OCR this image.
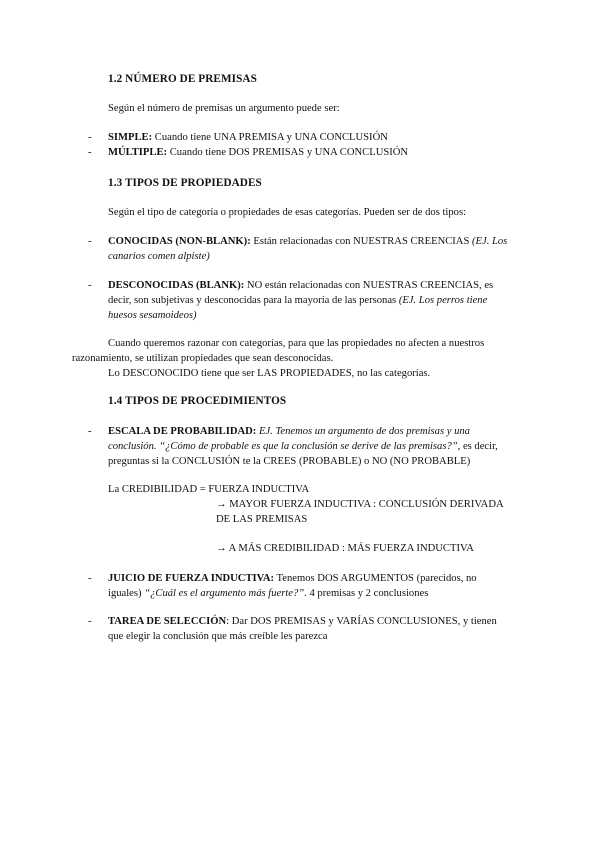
1.2 NÚMERO DE PREMISAS
Según el número de premisas un argumento puede ser:
-	SIMPLE: Cuando tiene UNA PREMISA y UNA CONCLUSIÓN
-	MÚLTIPLE: Cuando tiene DOS PREMISAS y UNA CONCLUSIÓN
1.3 TIPOS DE PROPIEDADES
Según el tipo de categoría o propiedades de esas categorías. Pueden ser de dos tipos:
-	CONOCIDAS (NON-BLANK): Están relacionadas con NUESTRAS CREENCIAS (EJ. Los
canarios comen alpiste)
-	DESCONOCIDAS (BLANK): NO están relacionadas con NUESTRAS CREENCIAS, es
decir, son subjetivas y desconocidas para la mayoría de las personas (EJ. Los perros tiene
huesos sesamoideos)
Cuando queremos razonar con categorías, para que las propiedades no afecten a nuestros
razonamiento, se utilizan propiedades que sean desconocidas.
Lo DESCONOCIDO tiene que ser LAS PROPIEDADES, no las categorías.
1.4 TIPOS DE PROCEDIMIENTOS
-	ESCALA DE PROBABILIDAD: EJ. Tenemos un argumento de dos premisas y una
conclusión. “¿Cómo de probable es que la conclusión se derive de las premisas?”, es decir,
preguntas si la CONCLUSIÓN te la CREES (PROBABLE) o NO (NO PROBABLE)
La CREDIBILIDAD = FUERZA INDUCTIVA
→ MAYOR FUERZA INDUCTIVA : CONCLUSIÓN DERIVADA
DE LAS PREMISAS
→ A MÁS CREDIBILIDAD : MÁS FUERZA INDUCTIVA
-	JUICIO DE FUERZA INDUCTIVA: Tenemos DOS ARGUMENTOS (parecidos, no
iguales) “¿Cuál es el argumento más fuerte?”. 4 premisas y 2 conclusiones
-	TAREA DE SELECCIÓN: Dar DOS PREMISAS y VARÍAS CONCLUSIONES, y tienen
que elegir la conclusión que más creíble les parezca
